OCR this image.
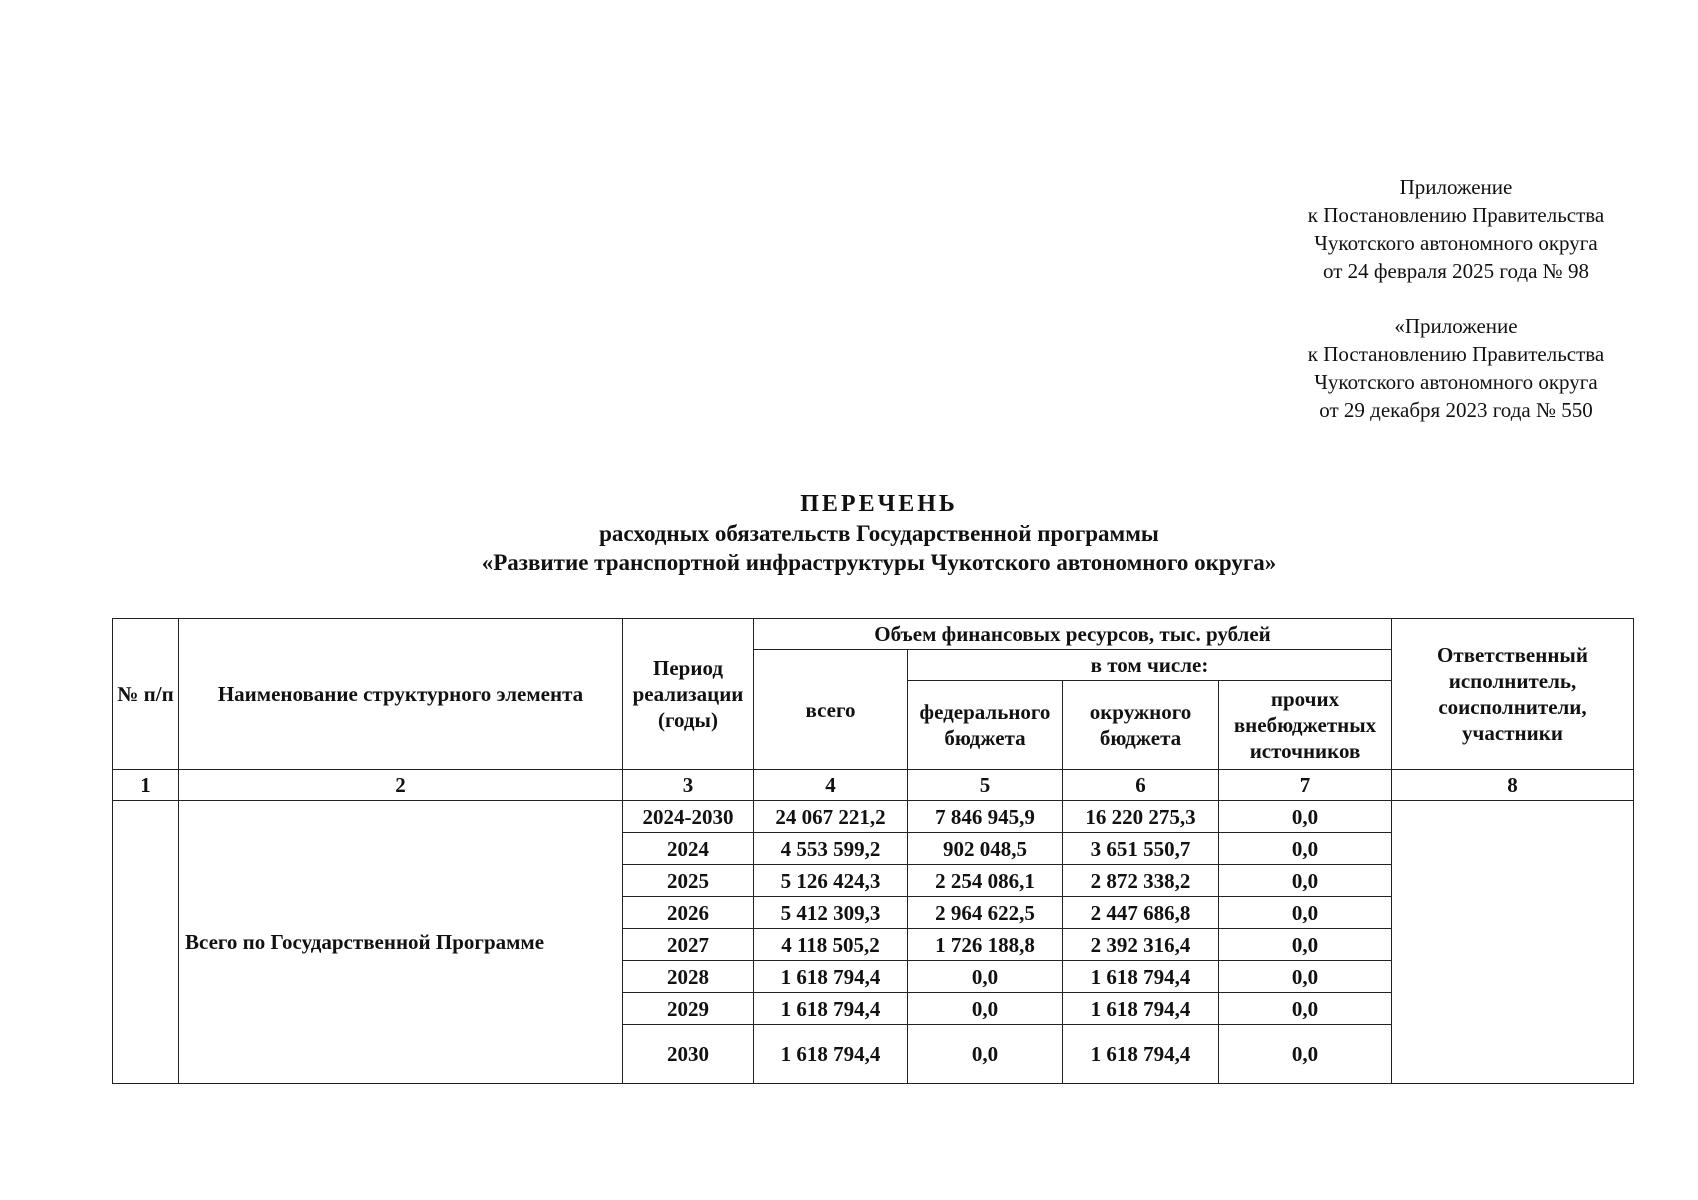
Приложение
к Постановлению Правительства
Чукотского автономного округа
от 24 февраля 2025 года № 98
«Приложение
к Постановлению Правительства
Чукотского автономного округа
от 29 декабря 2023 года № 550
ПЕРЕЧЕНЬ
расходных обязательств Государственной программы
«Развитие транспортной инфраструктуры Чукотского автономного округа»
№ п/п	Наименование структурного элемента	Период реализации (годы)	Объем финансовых ресурсов, тыс. рублей				Ответственный исполнитель, соисполнители, участники
			всего	в том числе:			
				федерального бюджета	окружного бюджета	прочих внебюджетных источников	
1	2	3	4	5	6	7	8
	Всего по Государственной Программе	2024-2030	24 067 221,2	7 846 945,9	16 220 275,3	0,0	
		2024	4 553 599,2	902 048,5	3 651 550,7	0,0	
		2025	5 126 424,3	2 254 086,1	2 872 338,2	0,0	
		2026	5 412 309,3	2 964 622,5	2 447 686,8	0,0	
		2027	4 118 505,2	1 726 188,8	2 392 316,4	0,0	
		2028	1 618 794,4	0,0	1 618 794,4	0,0	
		2029	1 618 794,4	0,0	1 618 794,4	0,0	
		2030	1 618 794,4	0,0	1 618 794,4	0,0	
